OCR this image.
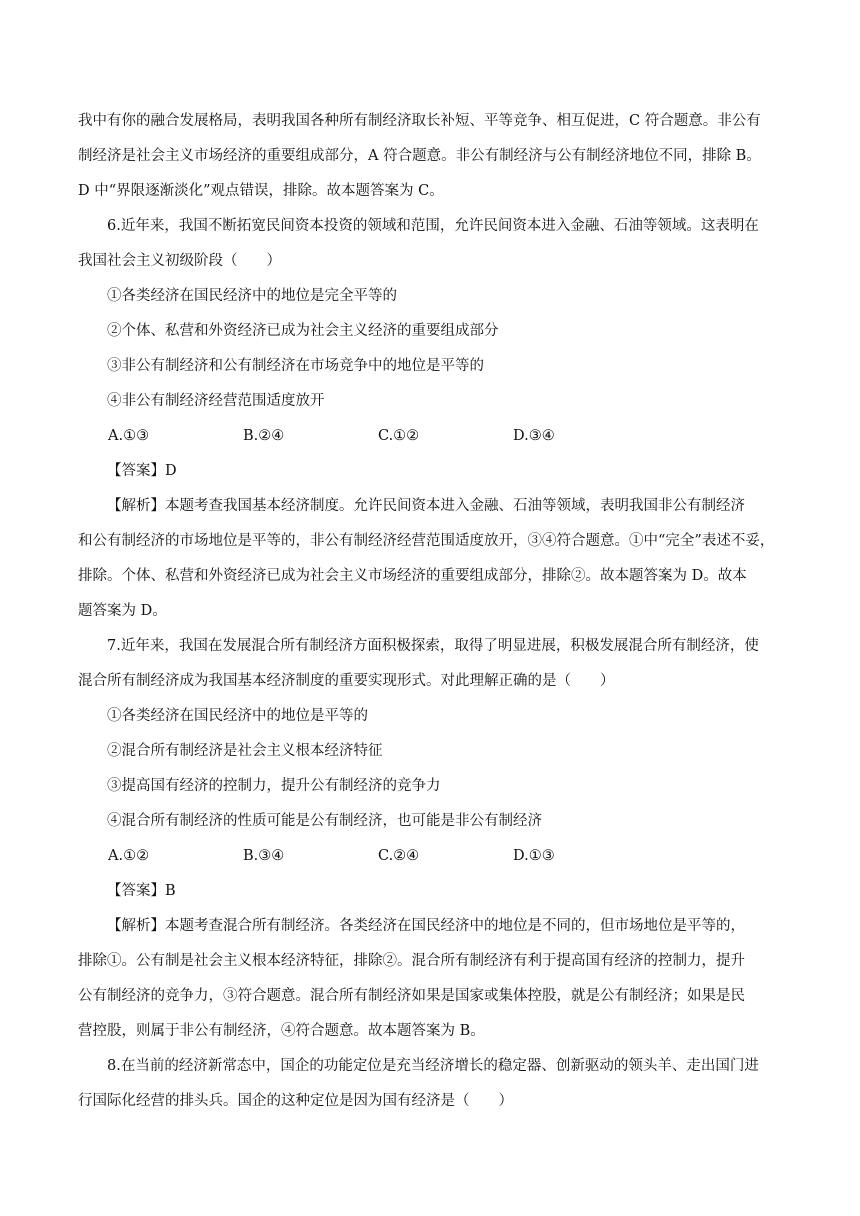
我中有你的融合发展格局，表明我国各种所有制经济取长补短、平等竞争、相互促进，C 符合题意。非公有
制经济是社会主义市场经济的重要组成部分，A 符合题意。非公有制经济与公有制经济地位不同，排除 B。
D 中“界限逐渐淡化”观点错误，排除。故本题答案为 C。
6.近年来，我国不断拓宽民间资本投资的领域和范围，允许民间资本进入金融、石油等领域。这表明在
我国社会主义初级阶段（　　）
①各类经济在国民经济中的地位是完全平等的
②个体、私营和外资经济已成为社会主义经济的重要组成部分
③非公有制经济和公有制经济在市场竞争中的地位是平等的
④非公有制经济经营范围适度放开
A.①③	B.②④	C.①②	D.③④
【答案】D
【解析】本题考查我国基本经济制度。允许民间资本进入金融、石油等领域，表明我国非公有制经济
和公有制经济的市场地位是平等的，非公有制经济经营范围适度放开，③④符合题意。①中“完全”表述不妥，
排除。个体、私营和外资经济已成为社会主义市场经济的重要组成部分，排除②。故本题答案为 D。故本
题答案为 D。
7.近年来，我国在发展混合所有制经济方面积极探索，取得了明显进展，积极发展混合所有制经济，使
混合所有制经济成为我国基本经济制度的重要实现形式。对此理解正确的是（　　）
①各类经济在国民经济中的地位是平等的
②混合所有制经济是社会主义根本经济特征
③提高国有经济的控制力，提升公有制经济的竞争力
④混合所有制经济的性质可能是公有制经济，也可能是非公有制经济
A.①②	B.③④	C.②④	D.①③
【答案】B
【解析】本题考查混合所有制经济。各类经济在国民经济中的地位是不同的，但市场地位是平等的，
排除①。公有制是社会主义根本经济特征，排除②。混合所有制经济有利于提高国有经济的控制力，提升
公有制经济的竞争力，③符合题意。混合所有制经济如果是国家或集体控股，就是公有制经济；如果是民
营控股，则属于非公有制经济，④符合题意。故本题答案为 B。
8.在当前的经济新常态中，国企的功能定位是充当经济增长的稳定器、创新驱动的领头羊、走出国门进
行国际化经营的排头兵。国企的这种定位是因为国有经济是（　　）
